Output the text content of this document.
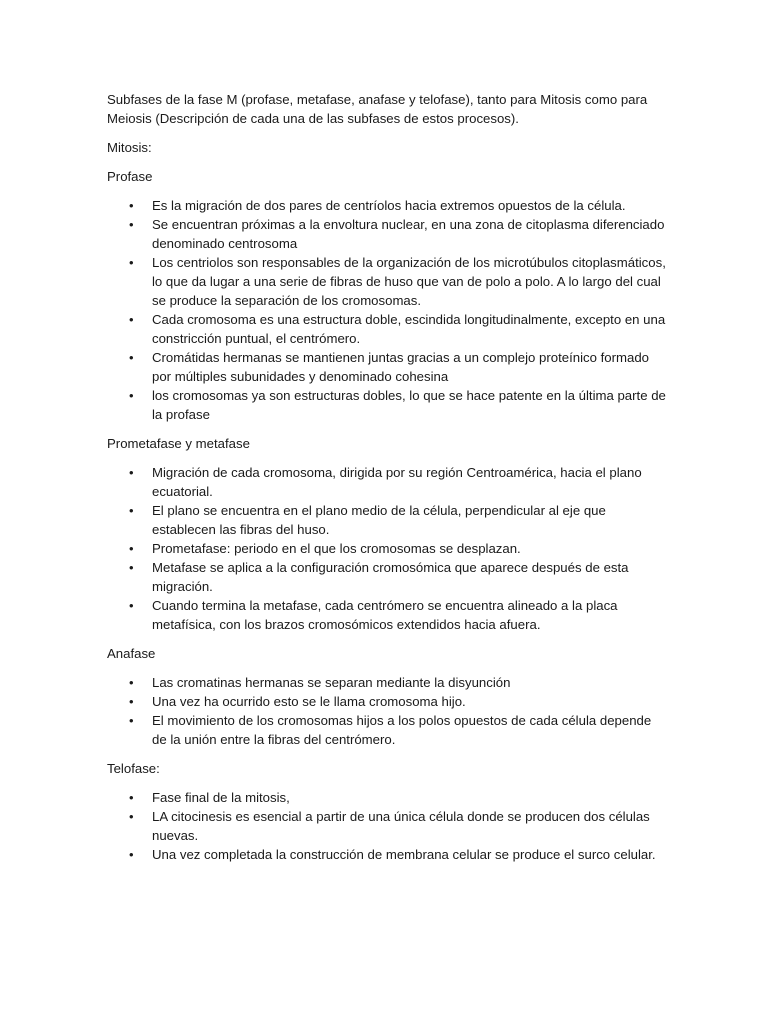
Subfases de la fase M (profase, metafase, anafase y telofase), tanto para Mitosis como para Meiosis (Descripción de cada una de las subfases de estos procesos).

Mitosis:

Profase

• Es la migración de dos pares de centríolos hacia extremos opuestos de la célula.
• Se encuentran próximas a la envoltura nuclear, en una zona de citoplasma diferenciado denominado centrosoma
• Los centriolos son responsables de la organización de los microtúbulos citoplasmáticos, lo que da lugar a una serie de fibras de huso que van de polo a polo. A lo largo del cual se produce la separación de los cromosomas.
• Cada cromosoma es una estructura doble, escindida longitudinalmente, excepto en una constricción puntual, el centrómero.
• Cromátidas hermanas se mantienen juntas gracias a un complejo proteínico formado por múltiples subunidades y denominado cohesina
• los cromosomas ya son estructuras dobles, lo que se hace patente en la última parte de la profase

Prometafase y metafase

• Migración de cada cromosoma, dirigida por su región Centroamérica, hacia el plano ecuatorial.
• El plano se encuentra en el plano medio de la célula, perpendicular al eje que establecen las fibras del huso.
• Prometafase: periodo en el que los cromosomas se desplazan.
• Metafase se aplica a la configuración cromosómica que aparece después de esta migración.
• Cuando termina la metafase, cada centrómero se encuentra alineado a la placa metafísica, con los brazos cromosómicos extendidos hacia afuera.

Anafase

• Las cromatinas hermanas se separan mediante la disyunción
• Una vez ha ocurrido esto se le llama cromosoma hijo.
• El movimiento de los cromosomas hijos a los polos opuestos de cada célula depende de la unión entre la fibras del centrómero.

Telofase:

• Fase final de la mitosis,
• LA citocinesis es esencial a partir de una única célula donde se producen dos células nuevas.
• Una vez completada la construcción de membrana celular se produce el surco celular.
